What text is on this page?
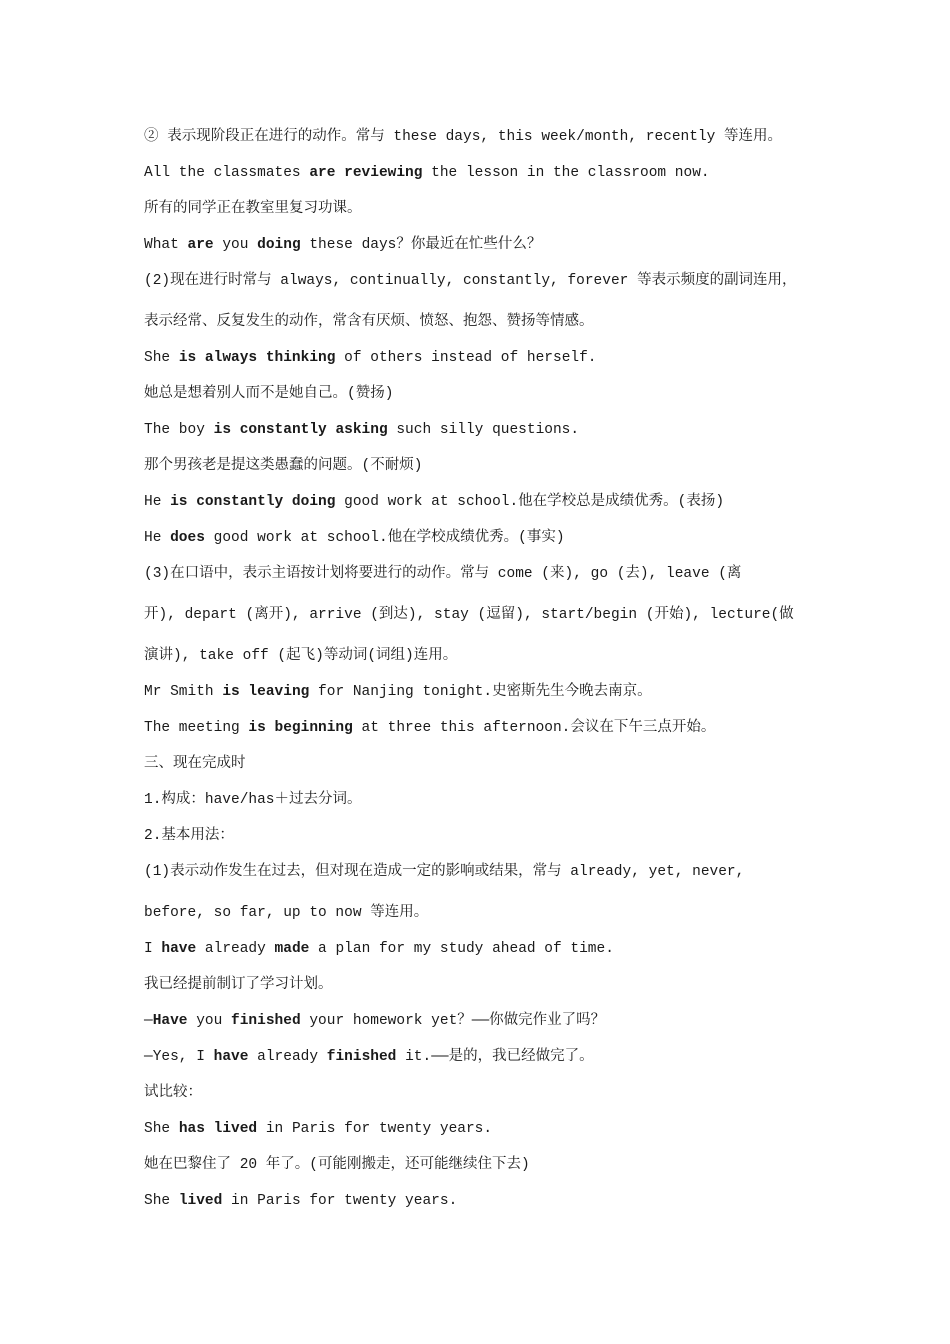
② 表示现阶段正在进行的动作。常与 these days, this week/month, recently 等连用。
All the classmates are reviewing the lesson in the classroom now.
所有的同学正在教室里复习功课。
What are you doing these days？你最近在忙些什么？
(2)现在进行时常与 always, continually, constantly, forever 等表示频度的副词连用，
表示经常、反复发生的动作，常含有厌烦、愤怒、抱怨、赞扬等情感。
She is always thinking of others instead of herself.
她总是想着别人而不是她自己。(赞扬)
The boy is constantly asking such silly questions.
那个男孩老是提这类愚蠢的问题。(不耐烦)
He is constantly doing good work at school.他在学校总是成绩优秀。(表扬)
He does good work at school.他在学校成绩优秀。(事实)
(3)在口语中，表示主语按计划将要进行的动作。常与 come (来), go (去), leave (离
开), depart (离开), arrive (到达), stay (逗留), start/begin (开始), lecture(做
演讲), take off (起飞)等动词(词组)连用。
Mr Smith is leaving for Nanjing tonight.史密斯先生今晚去南京。
The meeting is beginning at three this afternoon.会议在下午三点开始。
三、现在完成时
1.构成：have/has＋过去分词。
2.基本用法：
(1)表示动作发生在过去，但对现在造成一定的影响或结果，常与 already, yet, never,
before, so far, up to now 等连用。
I have already made a plan for my study ahead of time.
我已经提前制订了学习计划。
—Have you finished your homework yet？——你做完作业了吗？
—Yes, I have already finished it.——是的，我已经做完了。
试比较：
She has lived in Paris for twenty years.
她在巴黎住了 20 年了。(可能刚搬走，还可能继续住下去)
She lived in Paris for twenty years.
